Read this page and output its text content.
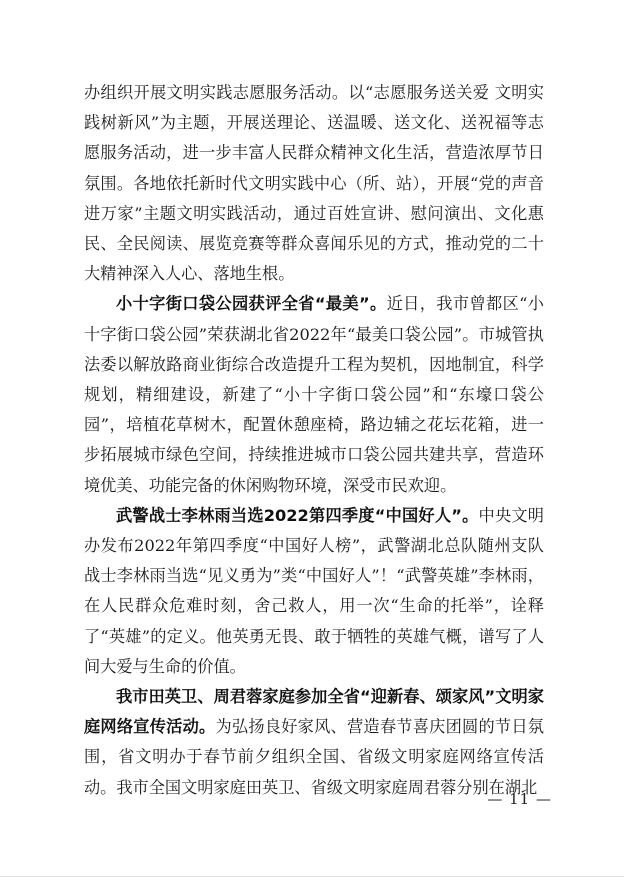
办组织开展文明实践志愿服务活动。以“志愿服务送关爱 文明实践树新风”为主题，开展送理论、送温暖、送文化、送祝福等志愿服务活动，进一步丰富人民群众精神文化生活，营造浓厚节日氛围。各地依托新时代文明实践中心（所、站），开展“党的声音进万家”主题文明实践活动，通过百姓宣讲、慰问演出、文化惠民、全民阅读、展览竞赛等群众喜闻乐见的方式，推动党的二十大精神深入人心、落地生根。

小十字街口袋公园获评全省“最美”。近日，我市曾都区“小十字街口袋公园”荣获湖北省2022年“最美口袋公园”。市城管执法委以解放路商业街综合改造提升工程为契机，因地制宜，科学规划，精细建设，新建了“小十字街口袋公园”和“东壕口袋公园”，培植花草树木，配置休憩座椅，路边辅之花坛花箱，进一步拓展城市绿色空间，持续推进城市口袋公园共建共享，营造环境优美、功能完备的休闲购物环境，深受市民欢迎。

武警战士李林雨当选2022第四季度“中国好人”。中央文明办发布2022年第四季度“中国好人榜”，武警湖北总队随州支队战士李林雨当选“见义勇为”类“中国好人”！“武警英雄”李林雨，在人民群众危难时刻，舍己救人，用一次“生命的托举”，诠释了“英雄”的定义。他英勇无畏、敢于牺牲的英雄气概，谱写了人间大爱与生命的价值。

我市田英卫、周君蓉家庭参加全省“迎新春、颂家风”文明家庭网络宣传活动。为弘扬良好家风、营造春节喜庆团圆的节日氛围，省文明办于春节前夕组织全国、省级文明家庭网络宣传活动。我市全国文明家庭田英卫、省级文明家庭周君蓉分别在湖北

— 11 —
